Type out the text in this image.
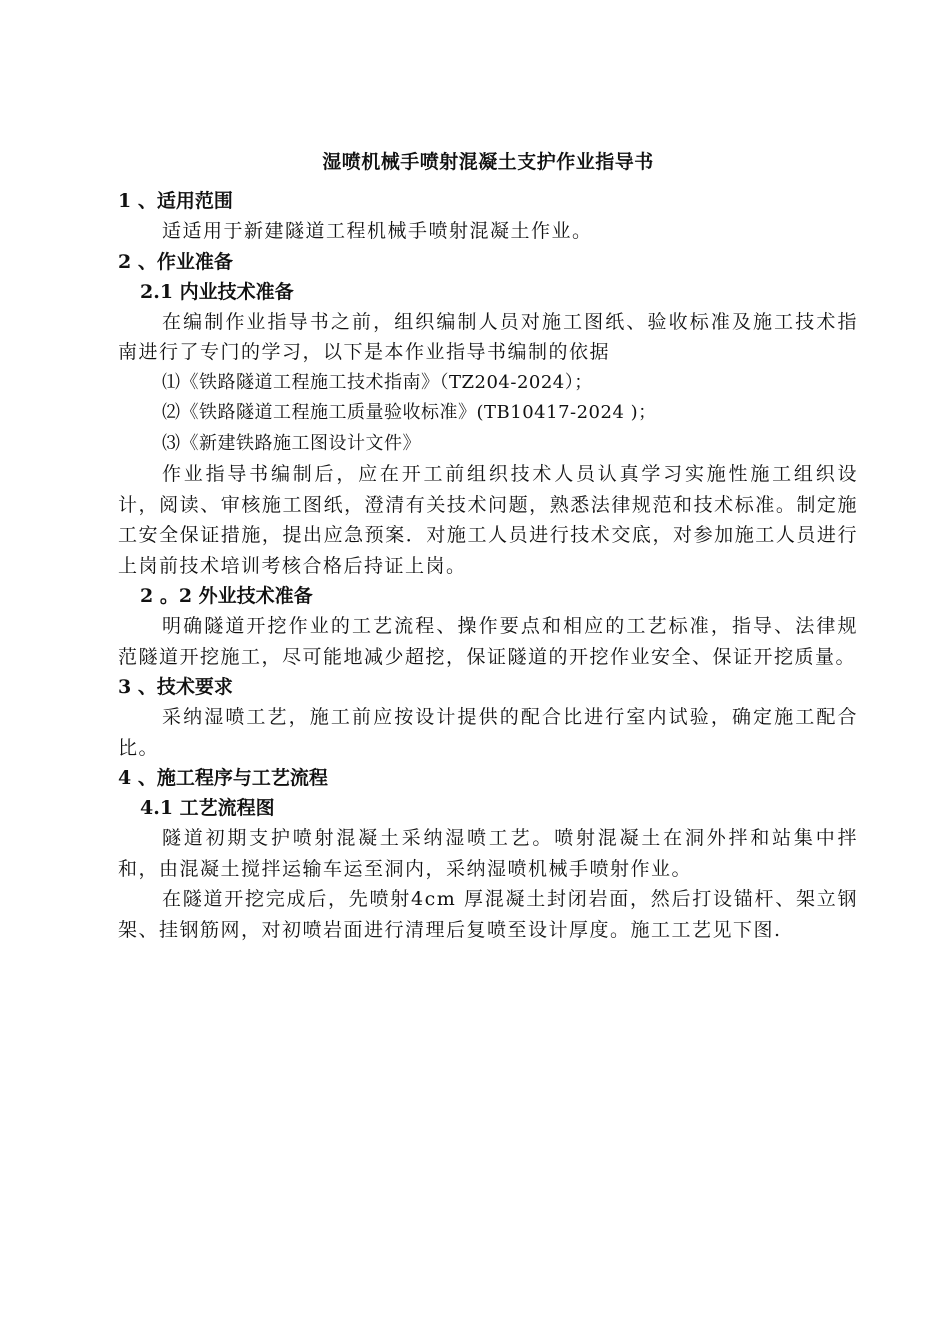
湿喷机械手喷射混凝土支护作业指导书
1 、适用范围
适适用于新建隧道工程机械手喷射混凝土作业。
2 、作业准备
2.1 内业技术准备
在编制作业指导书之前，组织编制人员对施工图纸、验收标准及施工技术指南进行了专门的学习，以下是本作业指导书编制的依据
⑴《铁路隧道工程施工技术指南》（TZ204-2024）；
⑵《铁路隧道工程施工质量验收标准》(TB10417-2024 )；
⑶《新建铁路施工图设计文件》
作业指导书编制后，应在开工前组织技术人员认真学习实施性施工组织设计，阅读、审核施工图纸，澄清有关技术问题，熟悉法律规范和技术标准。制定施工安全保证措施，提出应急预案．对施工人员进行技术交底，对参加施工人员进行上岗前技术培训考核合格后持证上岗。
2 。2 外业技术准备
明确隧道开挖作业的工艺流程、操作要点和相应的工艺标准，指导、法律规范隧道开挖施工，尽可能地减少超挖，保证隧道的开挖作业安全、保证开挖质量。
3 、技术要求
采纳湿喷工艺，施工前应按设计提供的配合比进行室内试验，确定施工配合比。
4 、施工程序与工艺流程
4.1 工艺流程图
隧道初期支护喷射混凝土采纳湿喷工艺。喷射混凝土在洞外拌和站集中拌和，由混凝土搅拌运输车运至洞内，采纳湿喷机械手喷射作业。
在隧道开挖完成后，先喷射4cm 厚混凝土封闭岩面，然后打设锚杆、架立钢架、挂钢筋网，对初喷岩面进行清理后复喷至设计厚度。施工工艺见下图.
